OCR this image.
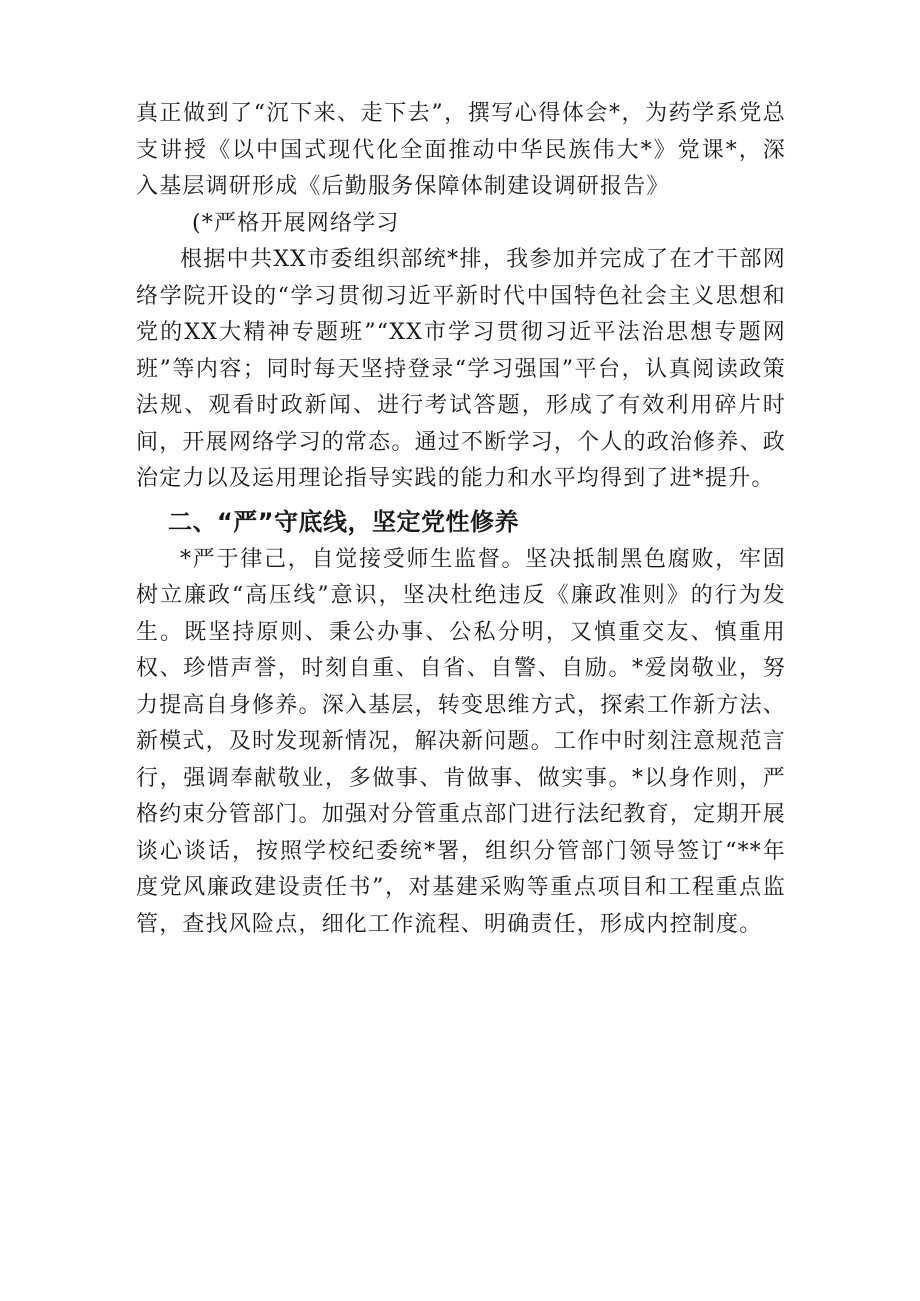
真正做到了“沉下来、走下去”，撰写心得体会*，为药学系党总支讲授《以中国式现代化全面推动中华民族伟大*》党课*，深入基层调研形成《后勤服务保障体制建设调研报告》

(*严格开展网络学习

根据中共XX市委组织部统*排，我参加并完成了在才干部网络学院开设的“学习贯彻习近平新时代中国特色社会主义思想和党的XX大精神专题班”“XX市学习贯彻习近平法治思想专题网班”等内容；同时每天坚持登录“学习强国”平台，认真阅读政策法规、观看时政新闻、进行考试答题，形成了有效利用碎片时间，开展网络学习的常态。通过不断学习，个人的政治修养、政治定力以及运用理论指导实践的能力和水平均得到了进*提升。

二、“严”守底线，坚定党性修养

*严于律己，自觉接受师生监督。坚决抵制黑色腐败，牢固树立廉政“高压线”意识，坚决杜绝违反《廉政准则》的行为发生。既坚持原则、秉公办事、公私分明，又慎重交友、慎重用权、珍惜声誉，时刻自重、自省、自警、自励。*爱岗敬业，努力提高自身修养。深入基层，转变思维方式，探索工作新方法、新模式，及时发现新情况，解决新问题。工作中时刻注意规范言行，强调奉献敬业，多做事、肯做事、做实事。*以身作则，严格约束分管部门。加强对分管重点部门进行法纪教育，定期开展谈心谈话，按照学校纪委统*署，组织分管部门领导签订“**年度党风廉政建设责任书”，对基建采购等重点项目和工程重点监管，查找风险点，细化工作流程、明确责任，形成内控制度。
